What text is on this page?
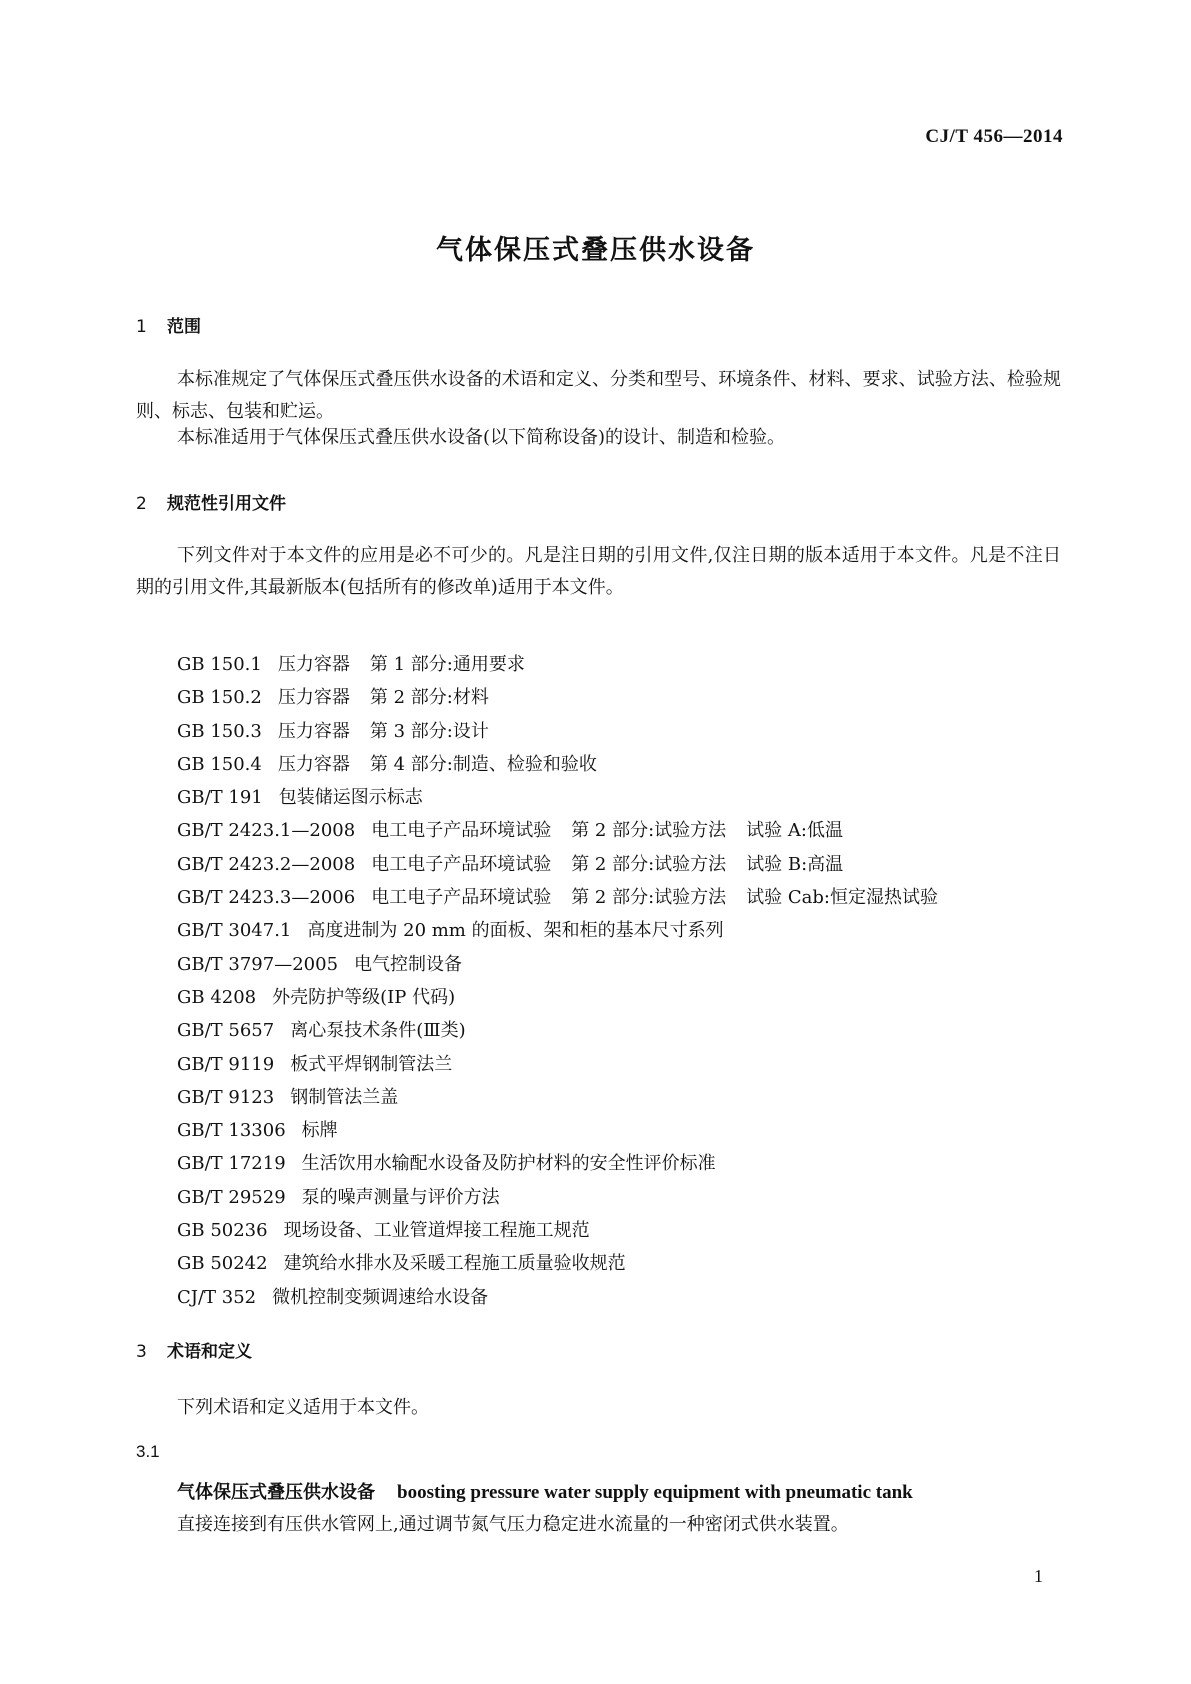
CJ/T 456—2014
气体保压式叠压供水设备
1 范围
本标准规定了气体保压式叠压供水设备的术语和定义、分类和型号、环境条件、材料、要求、试验方法、检验规则、标志、包装和贮运。
本标准适用于气体保压式叠压供水设备(以下简称设备)的设计、制造和检验。
2 规范性引用文件
下列文件对于本文件的应用是必不可少的。凡是注日期的引用文件,仅注日期的版本适用于本文件。凡是不注日期的引用文件,其最新版本(包括所有的修改单)适用于本文件。
GB 150.1 压力容器 第 1 部分:通用要求
GB 150.2 压力容器 第 2 部分:材料
GB 150.3 压力容器 第 3 部分:设计
GB 150.4 压力容器 第 4 部分:制造、检验和验收
GB/T 191 包装储运图示标志
GB/T 2423.1—2008 电工电子产品环境试验 第 2 部分:试验方法 试验 A:低温
GB/T 2423.2—2008 电工电子产品环境试验 第 2 部分:试验方法 试验 B:高温
GB/T 2423.3—2006 电工电子产品环境试验 第 2 部分:试验方法 试验 Cab:恒定湿热试验
GB/T 3047.1 高度进制为 20 mm 的面板、架和柜的基本尺寸系列
GB/T 3797—2005 电气控制设备
GB 4208 外壳防护等级(IP 代码)
GB/T 5657 离心泵技术条件(Ⅲ类)
GB/T 9119 板式平焊钢制管法兰
GB/T 9123 钢制管法兰盖
GB/T 13306 标牌
GB/T 17219 生活饮用水输配水设备及防护材料的安全性评价标准
GB/T 29529 泵的噪声测量与评价方法
GB 50236 现场设备、工业管道焊接工程施工规范
GB 50242 建筑给水排水及采暖工程施工质量验收规范
CJ/T 352 微机控制变频调速给水设备
3 术语和定义
下列术语和定义适用于本文件。
3.1
气体保压式叠压供水设备 boosting pressure water supply equipment with pneumatic tank
直接连接到有压供水管网上,通过调节氮气压力稳定进水流量的一种密闭式供水装置。
1
